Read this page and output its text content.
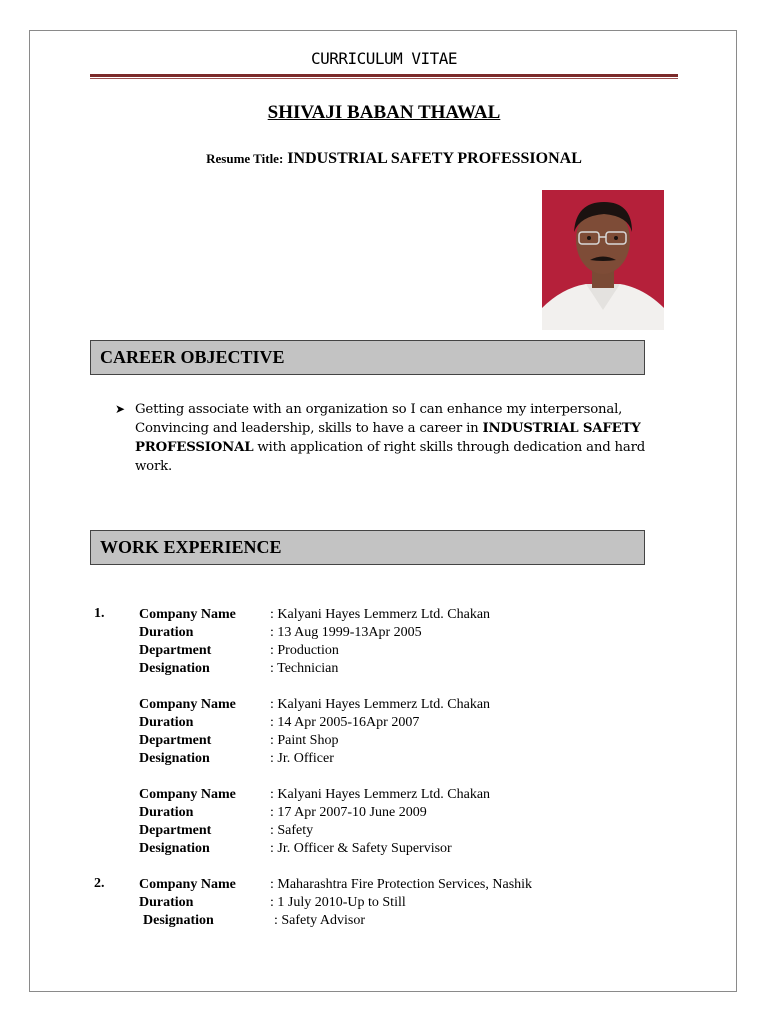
CURRICULUM VITAE
SHIVAJI BABAN THAWAL
Resume Title: INDUSTRIAL SAFETY PROFESSIONAL
CAREER OBJECTIVE
➤ Getting associate with an organization so I can enhance my interpersonal, Convincing and leadership, skills to have a career in INDUSTRIAL SAFETY PROFESSIONAL with application of right skills through dedication and hard work.
WORK EXPERIENCE
1. Company Name : Kalyani Hayes Lemmerz Ltd. Chakan
Duration	: 13 Aug 1999-13Apr 2005
Department	: Production
Designation	: Technician
Company Name : Kalyani Hayes Lemmerz Ltd. Chakan
Duration	: 14 Apr 2005-16Apr 2007
Department	: Paint Shop
Designation	: Jr. Officer
Company Name : Kalyani Hayes Lemmerz Ltd. Chakan
Duration	: 17 Apr 2007-10 June 2009
Department	: Safety
Designation	: Jr. Officer & Safety Supervisor
2. Company Name : Maharashtra Fire Protection Services, Nashik
Duration	: 1 July 2010-Up to Still
Designation	: Safety Advisor
